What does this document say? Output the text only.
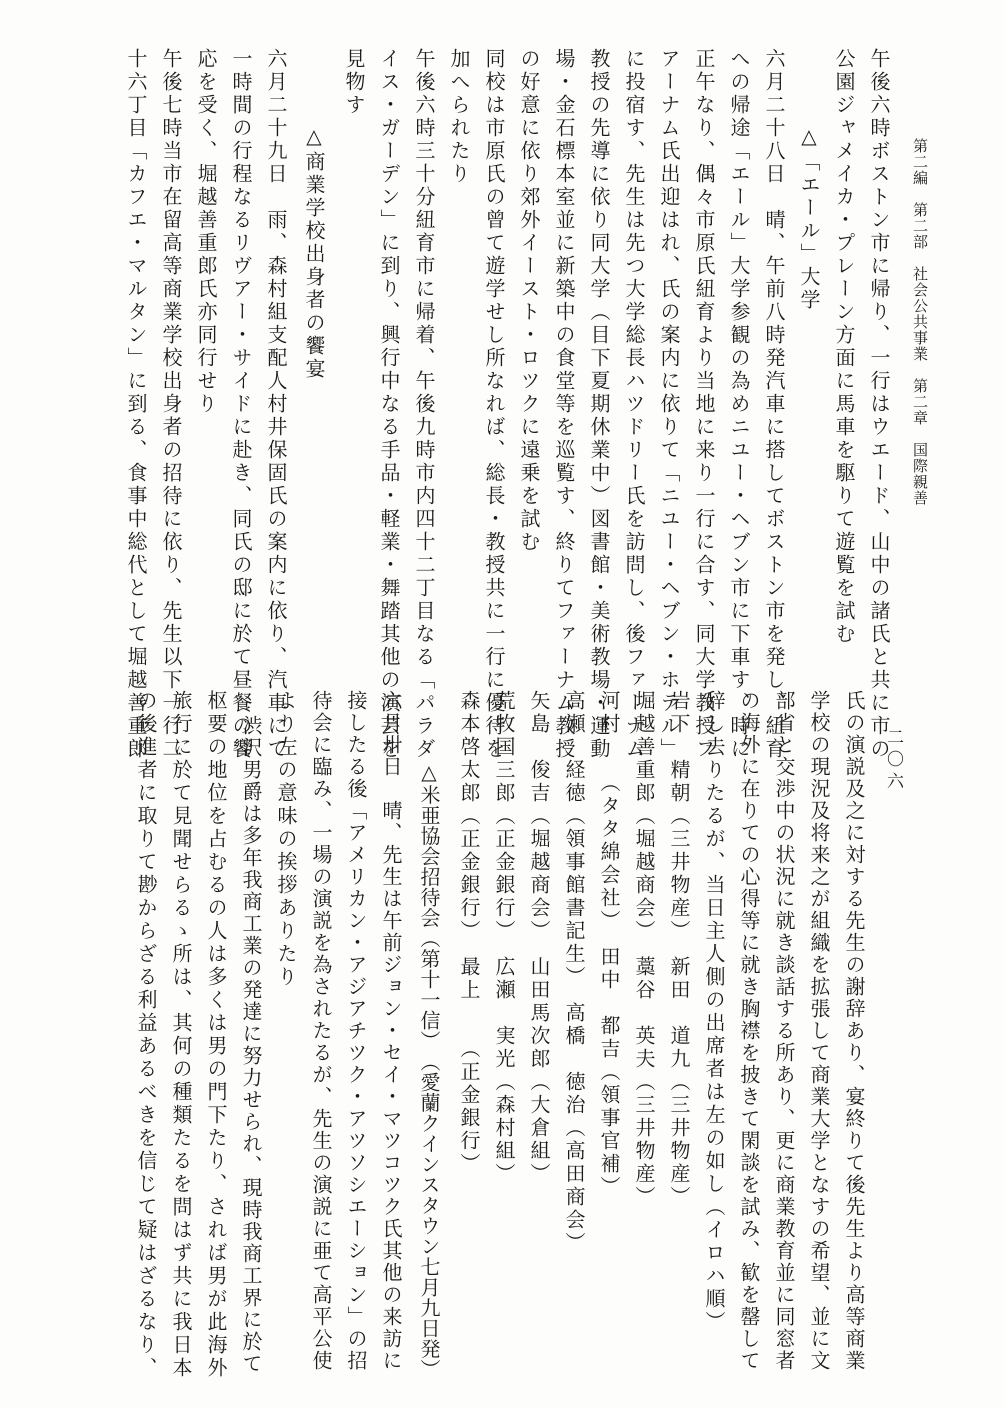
第二編　第二部　社会公共事業　第二章　国際親善
二〇六
午後六時ボストン市に帰り、一行はウエード、山中の諸氏と共に市の
公園ジャメイカ・プレーン方面に馬車を駆りて遊覧を試む
△「エール」大学
六月二十八日　晴、午前八時発汽車に搭してボストン市を発し、紐育
への帰途「エール」大学参観の為めニユー・ヘブン市に下車す、時に
正午なり、偶々市原氏紐育より当地に来り一行に合す、同大学教授フ
アーナム氏出迎はれ、氏の案内に依りて「ニユー・ヘブン・ホテル」
に投宿す、先生は先つ大学総長ハツドリー氏を訪問し、後ファーナム
教授の先導に依り同大学（目下夏期休業中）図書館・美術教場・運動
場・金石標本室並に新築中の食堂等を巡覧す、終りてファーナム教授
の好意に依り郊外イースト・ロツクに遠乗を試む
同校は市原氏の曾て遊学せし所なれば、総長・教授共に一行に優待を
加へられたり
午後六時三十分紐育市に帰着、午後九時市内四十二丁目なる「パラダ
イス・ガーデン」に到り、興行中なる手品・軽業・舞踏其他の演芸を
見物す
△商業学校出身者の饗宴
六月二十九日　雨、森村組支配人村井保固氏の案内に依り、汽車にて
一時間の行程なるリヴアー・サイドに赴き、同氏の邸に於て昼餐の饗
応を受く、堀越善重郎氏亦同行せり
午後七時当市在留高等商業学校出身者の招待に依り、先生以下一行二
十六丁目「カフエ・マルタン」に到る、食事中総代として堀越善重郎
氏の演説及之に対する先生の謝辞あり、宴終りて後先生より高等商業
学校の現況及将来之が組織を拡張して商業大学となすの希望、並に文
部省と交渉中の状況に就き談話する所あり、更に商業教育並に同窓者
の海外に在りての心得等に就き胸襟を披きて閑談を試み、歓を罄して
辞し去りたるが、当日主人側の出席者は左の如し（イロハ順）
岩下　精朝（三井物産）　新田　道九（三井物産）
堀越善重郎（堀越商会）　藁谷　英夫（三井物産）
河村　　（タタ綿会社）　田中　都吉（領事官補）
高瀬　経徳（領事館書記生）　高橋　徳治（高田商会）
矢島　俊吉（堀越商会）　山田馬次郎（大倉組）
荒牧国三郎（正金銀行）　広瀬　実光（森村組）
森本啓太郎（正金銀行）　最上　　（正金銀行）
△米亜協会招待会（第十一信）　（愛蘭クインスタウン七月九日発）
六月卅日　晴、先生は午前ジョン・セイ・マツコツク氏其他の来訪に
接したる後「アメリカン・アジアチツク・アツソシエーション」の招
待会に臨み、一場の演説を為されたるが、先生の演説に亜て高平公使
より左の意味の挨拶ありたり
渋沢男爵は多年我商工業の発達に努力せられ、現時我商工界に於て
枢要の地位を占むるの人は多くは男の門下たり、されば男が此海外
旅行に於て見聞せらるゝ所は、其何の種類たるを問はず共に我日本
の後進者に取りて尠からざる利益あるべきを信じて疑はざるなり、
